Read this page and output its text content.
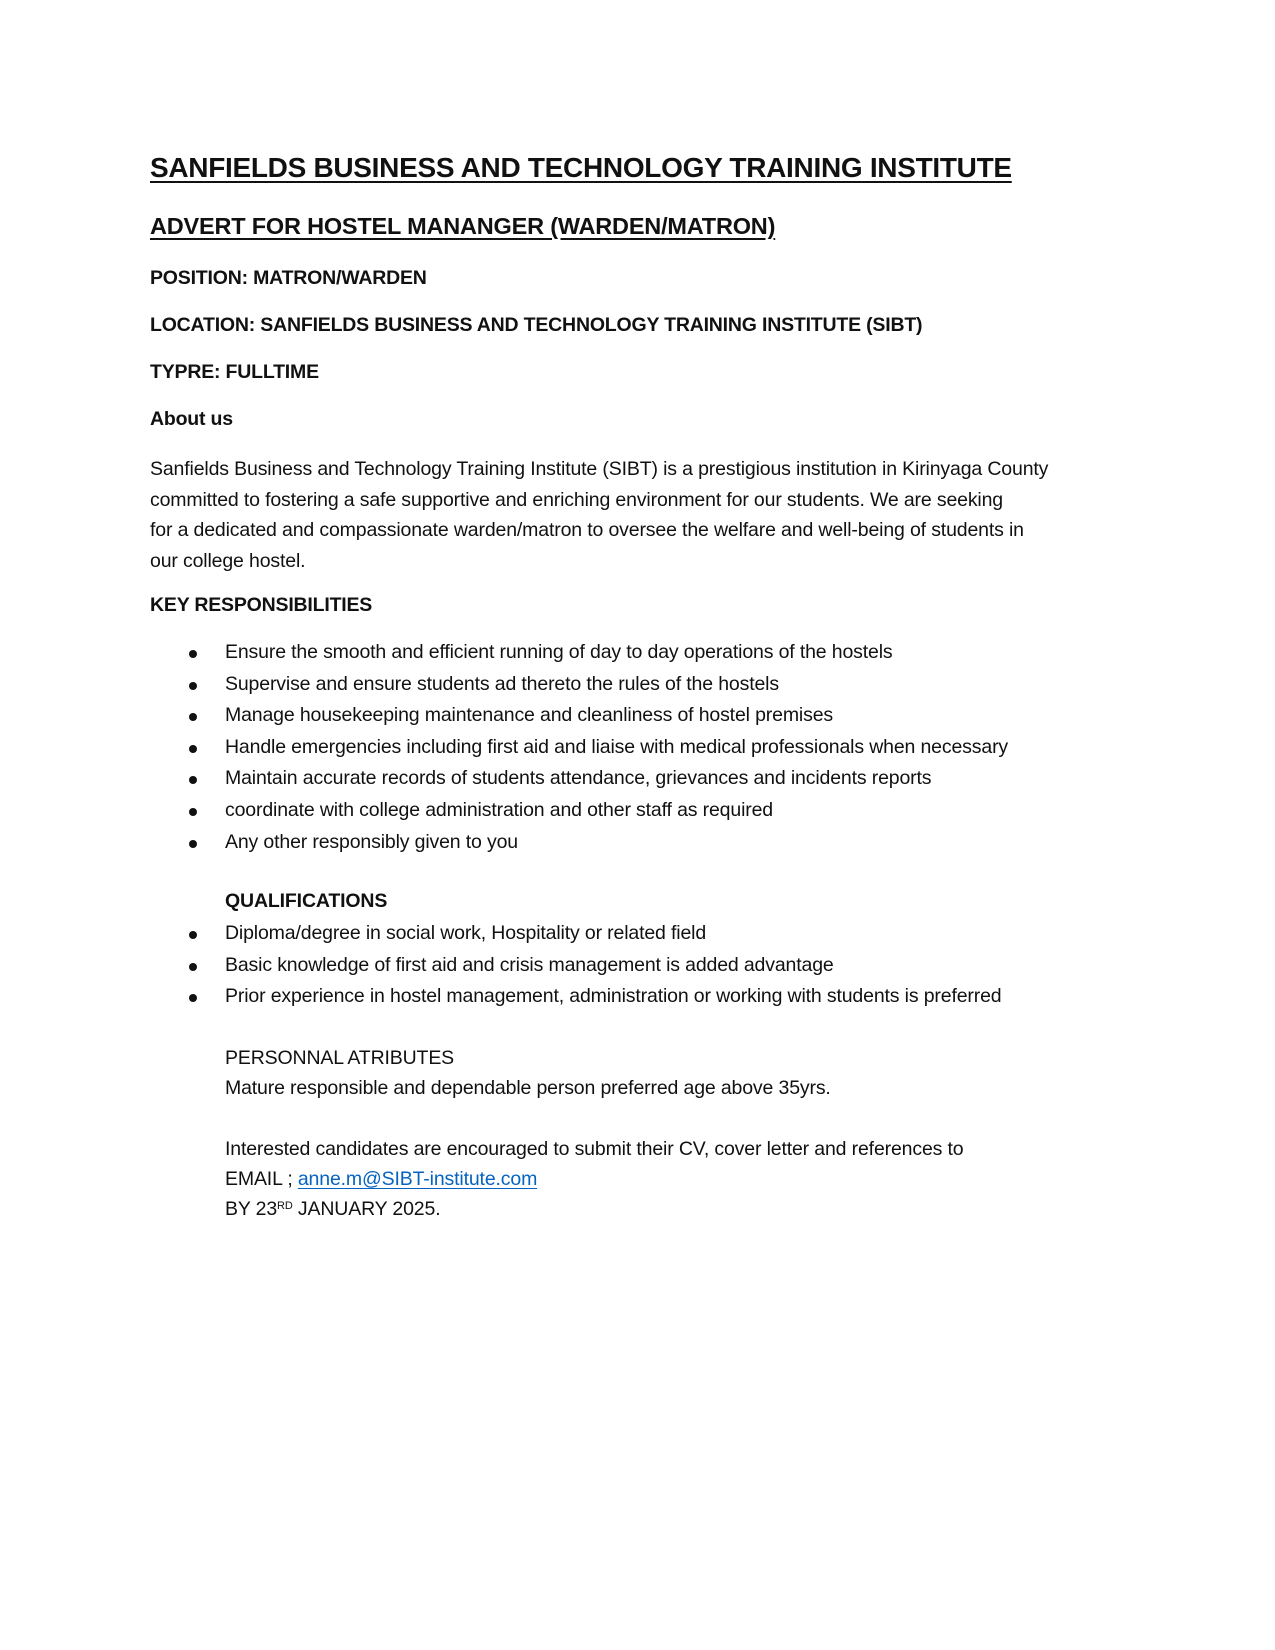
SANFIELDS BUSINESS AND TECHNOLOGY TRAINING INSTITUTE
ADVERT FOR HOSTEL MANANGER (WARDEN/MATRON)
POSITION: MATRON/WARDEN
LOCATION: SANFIELDS BUSINESS AND TECHNOLOGY TRAINING INSTITUTE (SIBT)
TYPRE: FULLTIME
About us

Sanfields Business and Technology Training Institute (SIBT) is a prestigious institution in Kirinyaga County
committed to fostering a safe supportive and enriching environment for our students. We are seeking
for a dedicated and compassionate warden/matron to oversee the welfare and well-being of students in
our college hostel.

KEY RESPONSIBILITIES
Ensure the smooth and efficient running of day to day operations of the hostels
Supervise and ensure students ad thereto the rules of the hostels
Manage housekeeping maintenance and cleanliness of hostel premises
Handle emergencies including first aid and liaise with medical professionals when necessary
Maintain accurate records of students attendance, grievances and incidents reports
coordinate with college administration and other staff as required
Any other responsibly given to you
QUALIFICATIONS
Diploma/degree in social work, Hospitality or related field
Basic knowledge of first aid and crisis management is added advantage
Prior experience in hostel management, administration or working with students is preferred
PERSONNAL ATRIBUTES
Mature responsible and dependable person preferred age above 35yrs.
Interested candidates are encouraged to submit their CV, cover letter and references to
EMAIL ; anne.m@SIBT-institute.com
BY 23RD JANUARY 2025.
